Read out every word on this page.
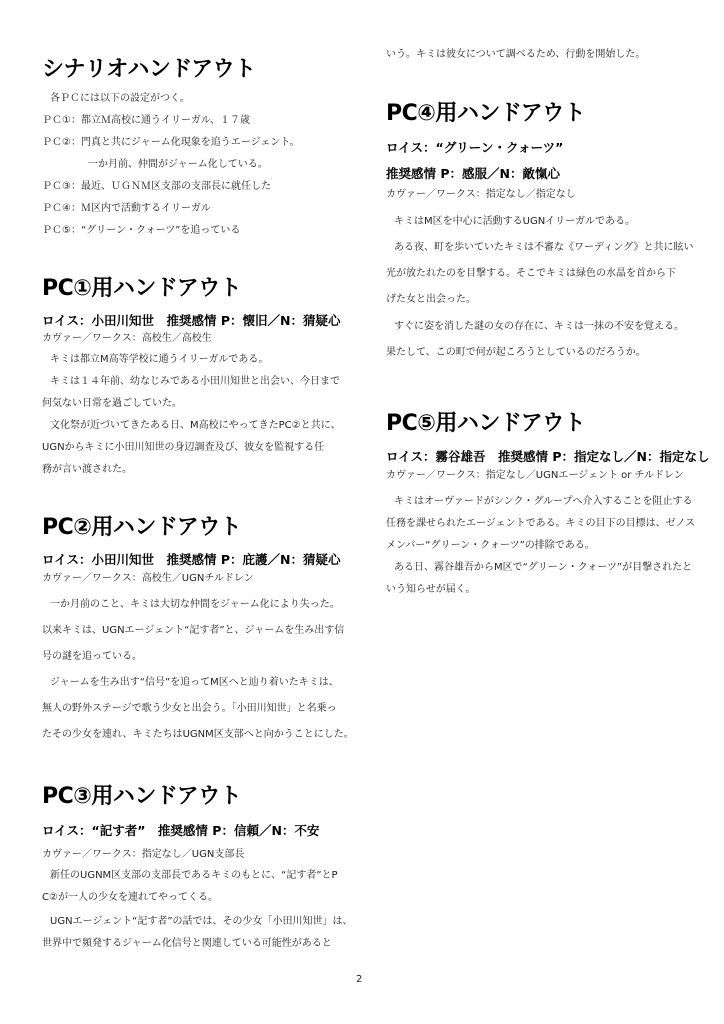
シナリオハンドアウト
各ＰＣには以下の設定がつく。
ＰＣ①：都立Ｍ高校に通うイリーガル、１７歳
ＰＣ②：門真と共にジャーム化現象を追うエージェント。
一か月前、仲間がジャーム化している。
ＰＣ③：最近、ＵＧＮＭ区支部の支部長に就任した
ＰＣ④：Ｍ区内で活動するイリーガル
ＰＣ⑤：“グリーン・クォーツ”を追っている
PC①用ハンドアウト
ロイス：小田川知世　推奨感情 P：懐旧／N：猜疑心
カヴァー／ワークス：高校生／高校生
キミは都立M高等学校に通うイリーガルである。
キミは１４年前、幼なじみである小田川知世と出会い、今日まで
何気ない日常を過ごしていた。
文化祭が近づいてきたある日、M高校にやってきたPC②と共に、
UGNからキミに小田川知世の身辺調査及び、彼女を監視する任
務が言い渡された。
PC②用ハンドアウト
ロイス：小田川知世　推奨感情 P：庇護／N：猜疑心
カヴァー／ワークス：高校生／UGNチルドレン
一か月前のこと、キミは大切な仲間をジャーム化により失った。
以来キミは、UGNエージェント“記す者”と、ジャームを生み出す信
号の謎を追っている。
ジャームを生み出す“信号”を追ってM区へと辿り着いたキミは、
無人の野外ステージで歌う少女と出会う。「小田川知世」と名乗っ
たその少女を連れ、キミたちはUGNM区支部へと向かうことにした。
PC③用ハンドアウト
ロイス：“記す者”　推奨感情 P：信頼／N：不安
カヴァー／ワークス：指定なし／UGN支部長
新任のUGNM区支部の支部長であるキミのもとに、“記す者”とP
C②が一人の少女を連れてやってくる。
UGNエージェント“記す者”の話では、その少女「小田川知世」は、
世界中で頻発するジャーム化信号と関連している可能性があると
いう。キミは彼女について調べるため、行動を開始した。
PC④用ハンドアウト
ロイス：“グリーン・クォーツ”
推奨感情 P：感服／N：敵愾心
カヴァー／ワークス：指定なし／指定なし
キミはM区を中心に活動するUGNイリーガルである。
ある夜、町を歩いていたキミは不審な《ワーディング》と共に眩い
光が放たれたのを目撃する。そこでキミは緑色の水晶を首から下
げた女と出会った。
すぐに姿を消した謎の女の存在に、キミは一抹の不安を覚える。
果たして、この町で何が起ころうとしているのだろうか。
PC⑤用ハンドアウト
ロイス：霧谷雄吾　推奨感情 P：指定なし／N：指定なし
カヴァー／ワークス：指定なし／UGNエージェント or チルドレン
キミはオーヴァードがシンク・グループへ介入することを阻止する
任務を課せられたエージェントである。キミの目下の目標は、ゼノス
メンバー“グリーン・クォーツ”の排除である。
ある日、霧谷雄吾からM区で“グリーン・クォーツ”が目撃されたと
いう知らせが届く。
2
